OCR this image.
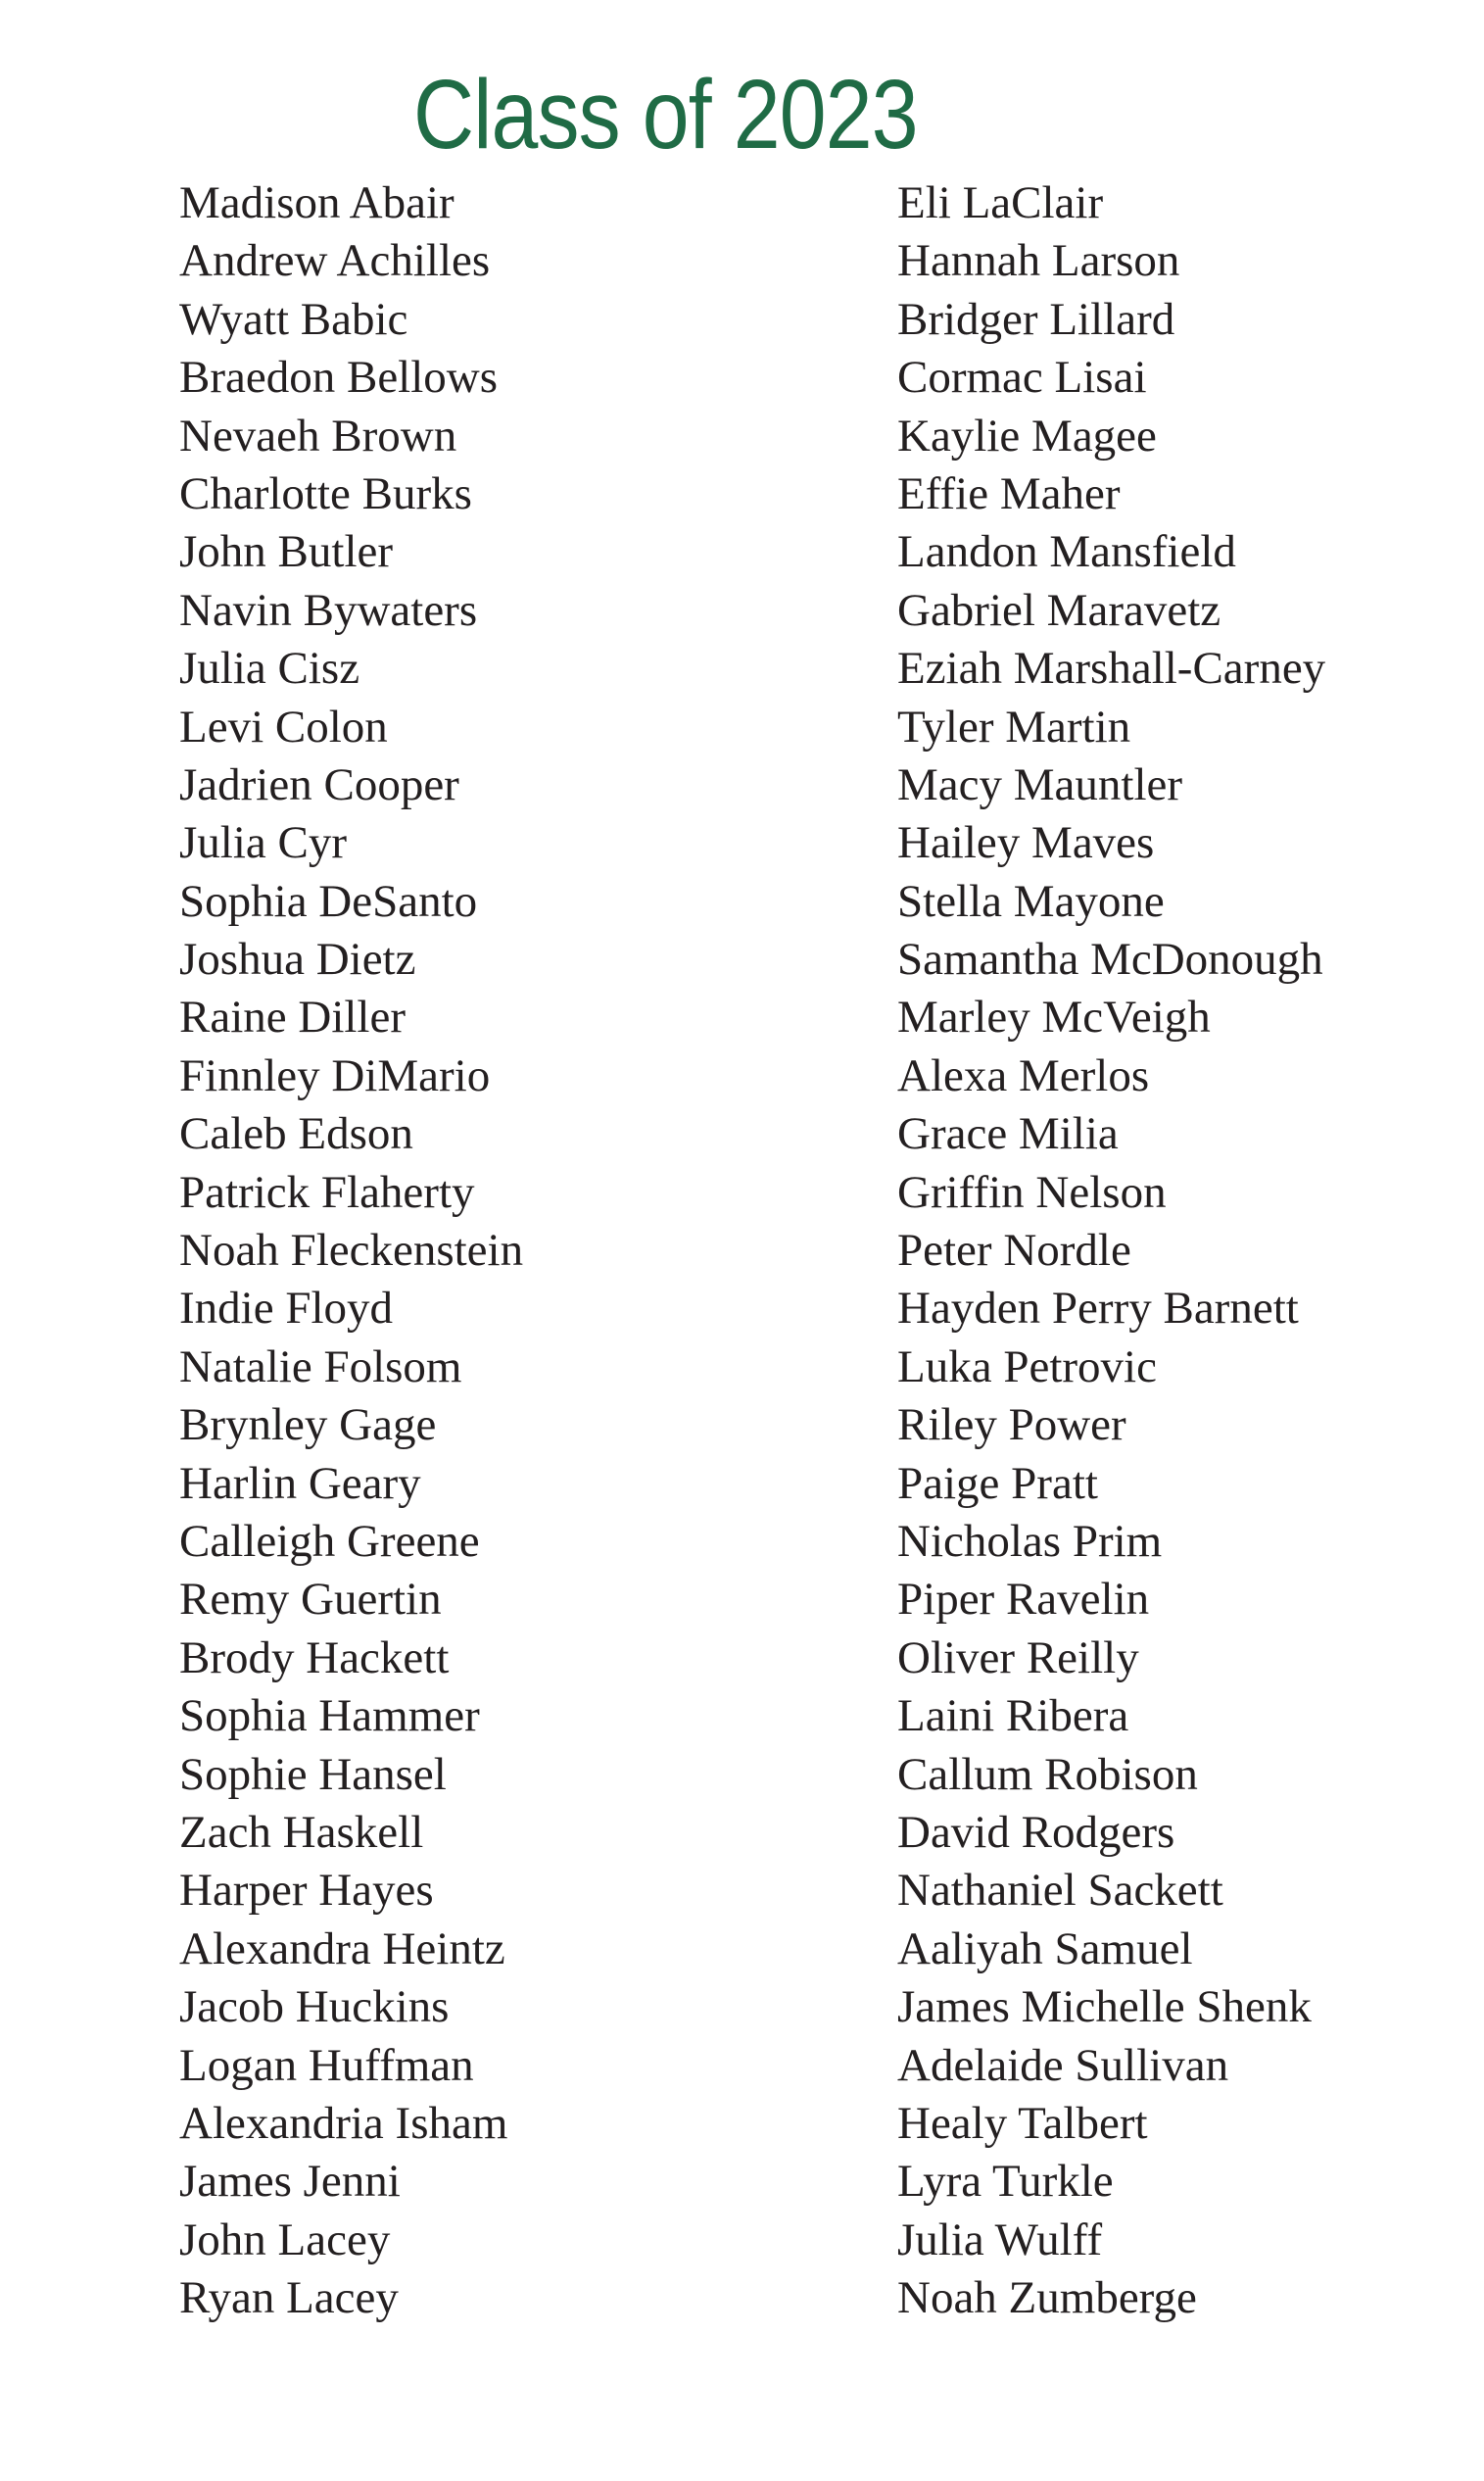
Class of 2023
Madison Abair
Andrew Achilles
Wyatt Babic
Braedon Bellows
Nevaeh Brown
Charlotte Burks
John Butler
Navin Bywaters
Julia Cisz
Levi Colon
Jadrien Cooper
Julia Cyr
Sophia DeSanto
Joshua Dietz
Raine Diller
Finnley DiMario
Caleb Edson
Patrick Flaherty
Noah Fleckenstein
Indie Floyd
Natalie Folsom
Brynley Gage
Harlin Geary
Calleigh Greene
Remy Guertin
Brody Hackett
Sophia Hammer
Sophie Hansel
Zach Haskell
Harper Hayes
Alexandra Heintz
Jacob Huckins
Logan Huffman
Alexandria Isham
James Jenni
John Lacey
Ryan Lacey
Eli LaClair
Hannah Larson
Bridger Lillard
Cormac Lisai
Kaylie Magee
Effie Maher
Landon Mansfield
Gabriel Maravetz
Eziah Marshall-Carney
Tyler Martin
Macy Mauntler
Hailey Maves
Stella Mayone
Samantha McDonough
Marley McVeigh
Alexa Merlos
Grace Milia
Griffin Nelson
Peter Nordle
Hayden Perry Barnett
Luka Petrovic
Riley Power
Paige Pratt
Nicholas Prim
Piper Ravelin
Oliver Reilly
Laini Ribera
Callum Robison
David Rodgers
Nathaniel Sackett
Aaliyah Samuel
James Michelle Shenk
Adelaide Sullivan
Healy Talbert
Lyra Turkle
Julia Wulff
Noah Zumberge
